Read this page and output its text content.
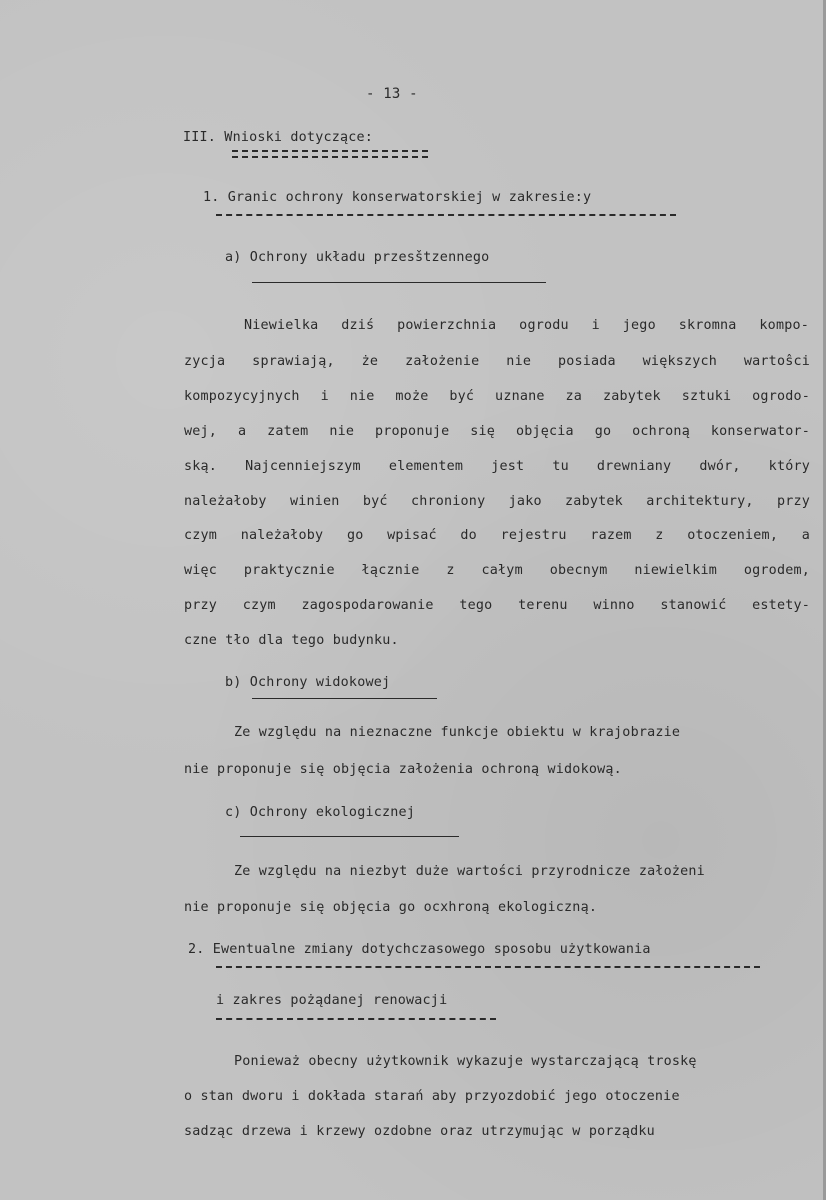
- 13 -
III. Wnioski dotyczące:
1. Granic ochrony konserwatorskiej w zakresie:y
a) Ochrony układu przesštzennego
Niewielka dziś powierzchnia ogrodu i jego skromna kompo-
zycja sprawiają, że założenie nie posiada większych wartoŝci
kompozycyjnych i nie może być uznane za zabytek sztuki ogrodo-
wej, a zatem nie proponuje się objęcia go ochroną konserwator-
ską. Najcenniejszym elementem jest tu drewniany dwór, który
należałoby winien być chroniony jako zabytek architektury, przy
czym należałoby go wpisać do rejestru razem z otoczeniem, a
więc praktycznie łącznie z całym obecnym niewielkim ogrodem,
przy czym zagospodarowanie tego terenu winno stanowić estety-
czne tło dla tego budynku.
b) Ochrony widokowej
Ze względu na nieznaczne funkcje obiektu w krajobrazie
nie proponuje się objęcia założenia ochroną widokową.
c) Ochrony ekologicznej
Ze względu na niezbyt duże wartości przyrodnicze założeni
nie proponuje się objęcia go ocxhroną ekologiczną.
2. Ewentualne zmiany dotychczasowego sposobu użytkowania
i zakres pożądanej renowacji
Ponieważ obecny użytkownik wykazuje wystarczającą troskę
o stan dworu i dokłada starań aby przyozdobić jego otoczenie
sadząc drzewa i krzewy ozdobne oraz utrzymując w porządku
